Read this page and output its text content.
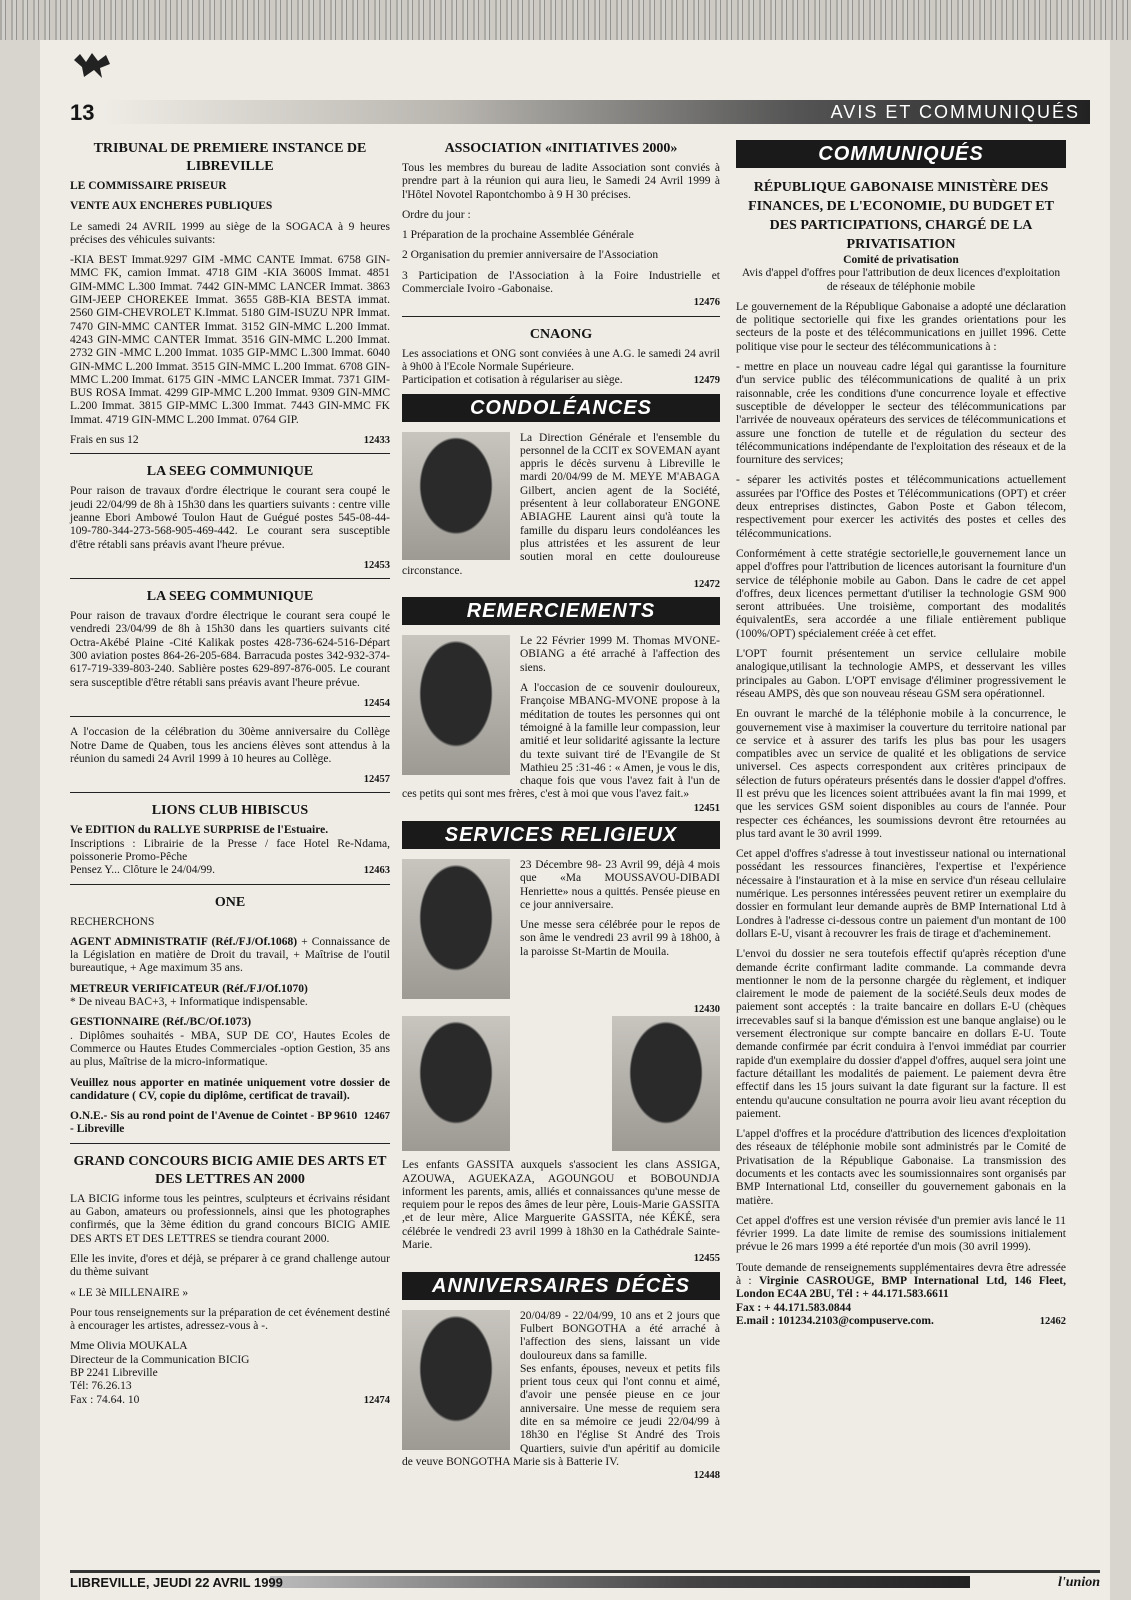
13	AVIS ET COMMUNIQUÉS
TRIBUNAL DE PREMIERE INSTANCE DE LIBREVILLE

LE COMMISSAIRE PRISEUR

VENTE AUX ENCHERES PUBLIQUES

Le samedi 24 AVRIL 1999 au siège de la SOGACA à 9 heures précises des véhicules suivants:

-KIA BEST Immat.9297 GIM -MMC CANTE Immat. 6758 GIN-MMC FK, camion Immat. 4718 GIM -KIA 3600S Immat. 4851 GIM-MMC L.300 Immat. 7442 GIN-MMC LANCER Immat. 3863 GIM-JEEP CHOREKEE Immat. 3655 G8B-KIA BESTA immat. 2560 GIM-CHEVROLET K.Immat. 5180 GIM-ISUZU NPR Immat. 7470 GIN-MMC CANTER Immat. 3152 GIN-MMC L.200 Immat. 4243 GIN-MMC CANTER Immat. 3516 GIN-MMC L.200 Immat. 2732 GIN -MMC L.200 Immat. 1035 GIP-MMC L.300 Immat. 6040 GIN-MMC L.200 Immat. 3515 GIN-MMC L.200 Immat. 6708 GIN-MMC L.200 Immat. 6175 GIN -MMC LANCER Immat. 7371 GIM-BUS ROSA Immat. 4299 GIP-MMC L.200 Immat. 9309 GIN-MMC L.200 Immat. 3815 GIP-MMC L.300 Immat. 7443 GIN-MMC FK Immat. 4719 GIN-MMC L.200 Immat. 0764 GIP.

Frais en sus 12	12433
LA SEEG COMMUNIQUE

Pour raison de travaux d'ordre électrique le courant sera coupé le jeudi 22/04/99 de 8h à 15h30 dans les quartiers suivants : centre ville jeanne Ebori Ambowé Toulon Haut de Guégué postes 545-08-44-109-780-344-273-568-905-469-442. Le courant sera susceptible d'être rétabli sans préavis avant l'heure prévue.

12453
LA SEEG COMMUNIQUE

Pour raison de travaux d'ordre électrique le courant sera coupé le vendredi 23/04/99 de 8h à 15h30 dans les quartiers suivants cité Octra-Akébé Plaine -Cité Kalikak postes 428-736-624-516-Départ 300 aviation postes 864-26-205-684. Barracuda postes 342-932-374-617-719-339-803-240. Sablière postes 629-897-876-005. Le courant sera susceptible d'être rétabli sans préavis avant l'heure prévue.

12454

A l'occasion de la célébration du 30ème anniversaire du Collège Notre Dame de Quaben, tous les anciens élèves sont attendus à la réunion du samedi 24 Avril 1999 à 10 heures au Collège.

12457
LIONS CLUB HIBISCUS

Ve EDITION du RALLYE SURPRISE de l'Estuaire.

Inscriptions : Librairie de la Presse / face Hotel Re-Ndama, poissonerie Promo-Pêche

Pensez Y... Clôture le 24/04/99.	12463
ONE

RECHERCHONS

AGENT ADMINISTRATIF (Réf./FJ/Of.1068) + Connaissance de la Législation en matière de Droit du travail, + Maîtrise de l'outil bureautique, + Age maximum 35 ans.

METREUR VERIFICATEUR (Réf./FJ/Of.1070)

* De niveau BAC+3, + Informatique indispensable.

GESTIONNAIRE (Réf./BC/Of.1073)

. Diplômes souhaités - MBA, SUP DE CO', Hautes Ecoles de Commerce ou Hautes Etudes Commerciales -option Gestion, 35 ans au plus, Maîtrise de la micro-informatique.

Veuillez nous apporter en matinée uniquement votre dossier de candidature ( CV, copie du diplôme, certificat de travail).

O.N.E.- Sis au rond point de l'Avenue de Cointet - BP 9610 - Libreville
12467
GRAND CONCOURS BICIG AMIE DES ARTS ET DES LETTRES AN 2000

LA BICIG informe tous les peintres, sculpteurs et écrivains résidant au Gabon, amateurs ou professionnels, ainsi que les photographes confirmés, que la 3ème édition du grand concours BICIG AMIE DES ARTS ET DES LETTRES se tiendra courant 2000.

Elle les invite, d'ores et déjà, se préparer à ce grand challenge autour du thème suivant

« LE 3è MILLENAIRE »

Pour tous renseignements sur la préparation de cet événement destiné à encourager les artistes, adressez-vous à -.

Mme Olivia MOUKALA
Directeur de la Communication BICIG
BP 2241 Libreville
Tél: 76.26.13
Fax : 74.64. 10	12474
ASSOCIATION «INITIATIVES 2000»

Tous les membres du bureau de ladite Association sont conviés à prendre part à la réunion qui aura lieu, le Samedi 24 Avril 1999 à l'Hôtel Novotel Rapontchombo à 9 H 30 précises.

Ordre du jour :

1 Préparation de la prochaine Assemblée Générale

2 Organisation du premier anniversaire de l'Association

3 Participation de l'Association à la Foire Industrielle et Commerciale Ivoiro -Gabonaise.

12476
CNAONG

Les associations et ONG sont conviées à une A.G. le samedi 24 avril à 9h00 à l'Ecole Normale Supérieure.

Participation et cotisation à régulariser au siège.	12479
CONDOLÉANCES

La Direction Générale et l'ensemble du personnel de la CCIT ex SOVEMAN ayant appris le décès survenu à Libreville le mardi 20/04/99 de M. MEYE M'ABAGA Gilbert, ancien agent de la Société, présentent à leur collaborateur ENGONE ABIAGHE Laurent ainsi qu'à toute la famille du disparu leurs condoléances les plus attristées et les assurent de leur soutien moral en cette douloureuse circonstance.

12472
REMERCIEMENTS

Le 22 Février 1999 M. Thomas MVONE-OBIANG a été arraché à l'affection des siens.

A l'occasion de ce souvenir douloureux, Françoise MBANG-MVONE propose à la méditation de toutes les personnes qui ont témoigné à la famille leur compassion, leur amitié et leur solidarité agissante la lecture du texte suivant tiré de l'Evangile de St Mathieu 25 :31-46 : « Amen, je vous le dis, chaque fois que vous l'avez fait à l'un de ces petits qui sont mes frères, c'est à moi que vous l'avez fait.»

12451
SERVICES RELIGIEUX

23 Décembre 98- 23 Avril 99, déjà 4 mois que «Ma MOUSSAVOU-DIBADI Henriette» nous a quittés. Pensée pieuse en ce jour anniversaire.

Une messe sera célébrée pour le repos de son âme le vendredi 23 avril 99 à 18h00, à la paroisse St-Martin de Mouila.

12430

Les enfants GASSITA auxquels s'associent les clans ASSIGA, AZOUWA, AGUEKAZA, AGOUNGOU et BOBOUNDJA informent les parents, amis, alliés et connaissances qu'une messe de requiem pour le repos des âmes de leur père, Louis-Marie GASSITA ,et de leur mère, Alice Marguerite GASSITA, née KÉKÉ, sera célébrée le vendredi 23 avril 1999 à 18h30 en la Cathédrale Sainte-Marie.

12455
ANNIVERSAIRES DÉCÈS

20/04/89 - 22/04/99, 10 ans et 2 jours que Fulbert BONGOTHA a été arraché à l'affection des siens, laissant un vide douloureux dans sa famille.

Ses enfants, épouses, neveux et petits fils prient tous ceux qui l'ont connu et aimé, d'avoir une pensée pieuse en ce jour anniversaire. Une messe de requiem sera dite en sa mémoire ce jeudi 22/04/99 à 18h30 en l'église St André des Trois Quartiers, suivie d'un apéritif au domicile de veuve BONGOTHA Marie sis à Batterie IV.

12448
COMMUNIQUÉS
RÉPUBLIQUE GABONAISE MINISTÈRE DES FINANCES, DE L'ECONOMIE, DU BUDGET ET DES PARTICIPATIONS, CHARGÉ DE LA PRIVATISATION
Comité de privatisation

Avis d'appel d'offres pour l'attribution de deux licences d'exploitation de réseaux de téléphonie mobile

Le gouvernement de la République Gabonaise a adopté une déclaration de politique sectorielle qui fixe les grandes orientations pour les secteurs de la poste et des télécommunications en juillet 1996. Cette politique vise pour le secteur des télécommunications à :

- mettre en place un nouveau cadre légal qui garantisse la fourniture d'un service public des télécommunications de qualité à un prix raisonnable, crée les conditions d'une concurrence loyale et effective susceptible de développer le secteur des télécommunications par l'arrivée de nouveaux opérateurs des services de télécommunications et assure une fonction de tutelle et de régulation du secteur des télécommunications indépendante de l'exploitation des réseaux et de la fourniture des services;

- séparer les activités postes et télécommunications actuellement assurées par l'Office des Postes et Télécommunications (OPT) et créer deux entreprises distinctes, Gabon Poste et Gabon télecom, respectivement pour exercer les activités des postes et celles des télécommunications.

Conformément à cette stratégie sectorielle,le gouvernement lance un appel d'offres pour l'attribution de licences autorisant la fourniture d'un service de téléphonie mobile au Gabon. Dans le cadre de cet appel d'offres, deux licences permettant d'utiliser la technologie GSM 900 seront attribuées. Une troisième, comportant des modalités équivalentEs, sera accordée a une filiale entièrement publique (100%/OPT) spécialement créée à cet effet.

L'OPT fournit présentement un service cellulaire mobile analogique,utilisant la technologie AMPS, et desservant les villes principales au Gabon. L'OPT envisage d'éliminer progressivement le réseau AMPS, dès que son nouveau réseau GSM sera opérationnel.

En ouvrant le marché de la téléphonie mobile à la concurrence, le gouvernement vise à maximiser la couverture du territoire national par ce service et à assurer des tarifs les plus bas pour les usagers compatibles avec un service de qualité et les obligations de service universel. Ces aspects correspondent aux critères principaux de sélection de futurs opérateurs présentés dans le dossier d'appel d'offres. Il est prévu que les licences soient attribuées avant la fin mai 1999, et que les services GSM soient disponibles au cours de l'année. Pour respecter ces échéances, les soumissions devront être retournées au plus tard avant le 30 avril 1999.

Cet appel d'offres s'adresse à tout investisseur national ou international possédant les ressources financières, l'expertise et l'expérience nécessaire à l'instauration et à la mise en service d'un réseau cellulaire numérique. Les personnes intéressées peuvent retirer un exemplaire du dossier en formulant leur demande auprès de BMP International Ltd à Londres à l'adresse ci-dessous contre un paiement d'un montant de 100 dollars E-U, visant à recouvrer les frais de tirage et d'acheminement.

L'envoi du dossier ne sera toutefois effectif qu'après réception d'une demande écrite confirmant ladite commande. La commande devra mentionner le nom de la personne chargée du règlement, et indiquer clairement le mode de paiement de la société.Seuls deux modes de paiement sont acceptés : la traite bancaire en dollars E-U (chèques irrecevables sauf si la banque d'émission est une banque anglaise) ou le versement électronique sur compte bancaire en dollars E-U. Toute demande confirmée par écrit conduira à l'envoi immédiat par courrier rapide d'un exemplaire du dossier d'appel d'offres, auquel sera joint une facture détaillant les modalités de paiement. Le paiement devra être effectif dans les 15 jours suivant la date figurant sur la facture. Il est entendu qu'aucune consultation ne pourra avoir lieu avant réception du paiement.

L'appel d'offres et la procédure d'attribution des licences d'exploitation des réseaux de téléphonie mobile sont administrés par le Comité de Privatisation de la République Gabonaise. La transmission des documents et les contacts avec les soumissionnaires sont organisés par BMP International Ltd, conseiller du gouvernement gabonais en la matière.

Cet appel d'offres est une version révisée d'un premier avis lancé le 11 février 1999. La date limite de remise des soumissions initialement prévue le 26 mars 1999 a été reportée d'un mois (30 avril 1999).

Toute demande de renseignements supplémentaires devra être adressée à : Virginie CASROUGE, BMP International Ltd, 146 Fleet, London EC4A 2BU, Tél : + 44.171.583.6611

Fax : + 44.171.583.0844
E.mail : 101234.2103@compuserve.com.	12462
LIBREVILLE, JEUDI 22 AVRIL 1999	l'union
